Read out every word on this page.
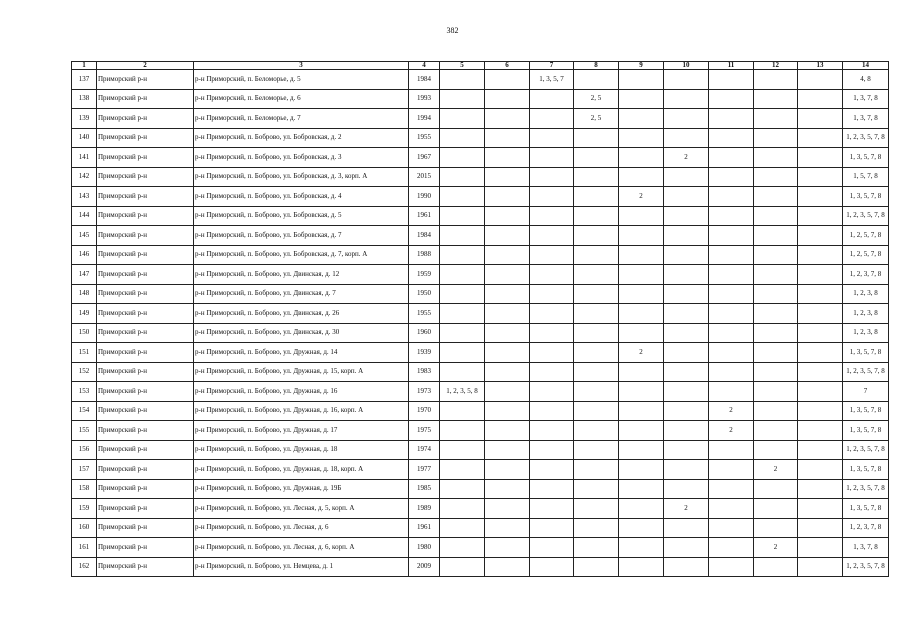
382
1	2	3	4	5	6	7	8	9	10	11	12	13	14
137	Приморский р-н	р-н Приморский, п. Беломорье, д. 5	1984			1, 3, 5, 7							4, 8
138	Приморский р-н	р-н Приморский, п. Беломорье, д. 6	1993				2, 5						1, 3, 7, 8
139	Приморский р-н	р-н Приморский, п. Беломорье, д. 7	1994				2, 5						1, 3, 7, 8
140	Приморский р-н	р-н Приморский, п. Боброво, ул. Бобровская, д. 2	1955										1, 2, 3, 5, 7, 8
141	Приморский р-н	р-н Приморский, п. Боброво, ул. Бобровская, д. 3	1967						2				1, 3, 5, 7, 8
142	Приморский р-н	р-н Приморский, п. Боброво, ул. Бобровская, д. 3, корп. А	2015										1, 5, 7, 8
143	Приморский р-н	р-н Приморский, п. Боброво, ул. Бобровская, д. 4	1990					2					1, 3, 5, 7, 8
144	Приморский р-н	р-н Приморский, п. Боброво, ул. Бобровская, д. 5	1961										1, 2, 3, 5, 7, 8
145	Приморский р-н	р-н Приморский, п. Боброво, ул. Бобровская, д. 7	1984										1, 2, 5, 7, 8
146	Приморский р-н	р-н Приморский, п. Боброво, ул. Бобровская, д. 7, корп. А	1988										1, 2, 5, 7, 8
147	Приморский р-н	р-н Приморский, п. Боброво, ул. Двинская, д. 12	1959										1, 2, 3, 7, 8
148	Приморский р-н	р-н Приморский, п. Боброво, ул. Двинская, д. 7	1950										1, 2, 3, 8
149	Приморский р-н	р-н Приморский, п. Боброво, ул. Двинская, д. 26	1955										1, 2, 3, 8
150	Приморский р-н	р-н Приморский, п. Боброво, ул. Двинская, д. 30	1960										1, 2, 3, 8
151	Приморский р-н	р-н Приморский, п. Боброво, ул. Дружная, д. 14	1939					2					1, 3, 5, 7, 8
152	Приморский р-н	р-н Приморский, п. Боброво, ул. Дружная, д. 15, корп. А	1983										1, 2, 3, 5, 7, 8
153	Приморский р-н	р-н Приморский, п. Боброво, ул. Дружная, д. 16	1973	1, 2, 3, 5, 8									7
154	Приморский р-н	р-н Приморский, п. Боброво, ул. Дружная, д. 16, корп. А	1970							2			1, 3, 5, 7, 8
155	Приморский р-н	р-н Приморский, п. Боброво, ул. Дружная, д. 17	1975							2			1, 3, 5, 7, 8
156	Приморский р-н	р-н Приморский, п. Боброво, ул. Дружная, д. 18	1974										1, 2, 3, 5, 7, 8
157	Приморский р-н	р-н Приморский, п. Боброво, ул. Дружная, д. 18, корп. А	1977								2		1, 3, 5, 7, 8
158	Приморский р-н	р-н Приморский, п. Боброво, ул. Дружная, д. 19Б	1985										1, 2, 3, 5, 7, 8
159	Приморский р-н	р-н Приморский, п. Боброво, ул. Лесная, д. 5, корп. А	1989						2				1, 3, 5, 7, 8
160	Приморский р-н	р-н Приморский, п. Боброво, ул. Лесная, д. 6	1961										1, 2, 3, 7, 8
161	Приморский р-н	р-н Приморский, п. Боброво, ул. Лесная, д. 6, корп. А	1980								2		1, 3, 7, 8
162	Приморский р-н	р-н Приморский, п. Боброво, ул. Немцева, д. 1	2009										1, 2, 3, 5, 7, 8
